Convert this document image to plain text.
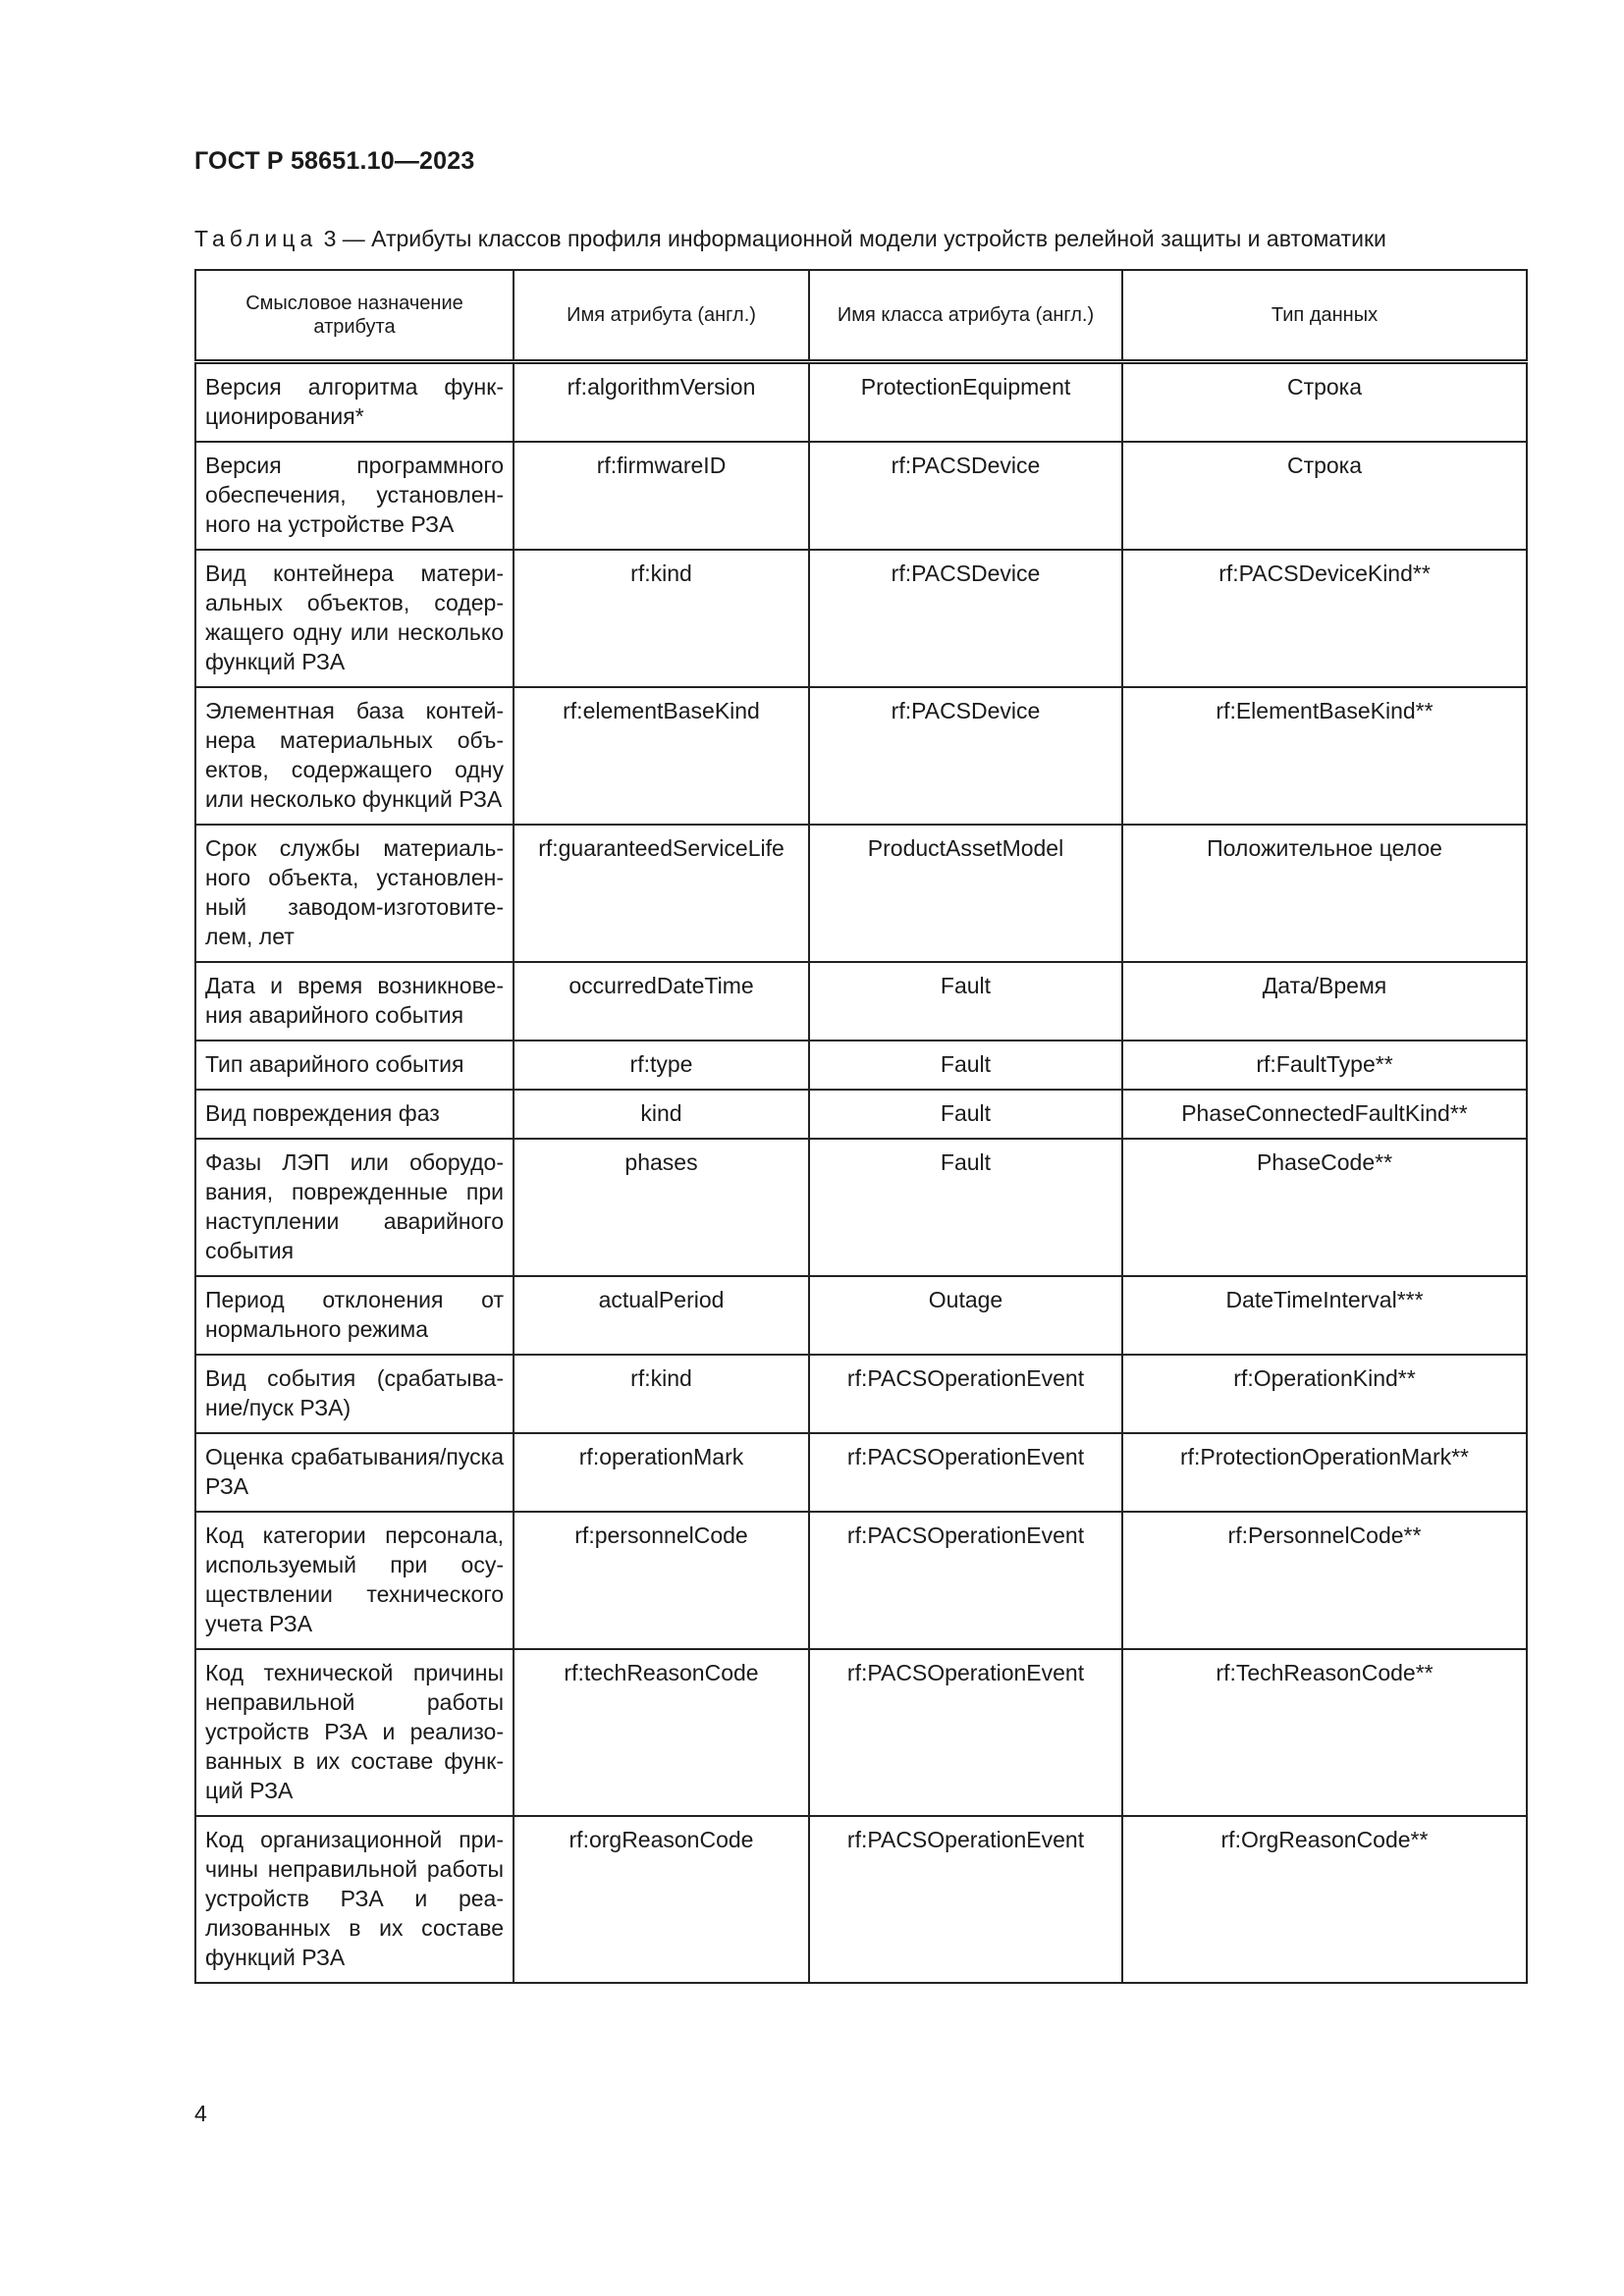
ГОСТ Р 58651.10—2023
Таблица 3 — Атрибуты классов профиля информационной модели устройств релейной защиты и автоматики
Смысловое назначение атрибута	Имя атрибута (англ.)	Имя класса атрибута (англ.)	Тип данных
Версия алгоритма функционирования*	rf:algorithmVersion	ProtectionEquipment	Строка
Версия программного обеспечения, установленного на устройстве РЗА	rf:firmwareID	rf:PACSDevice	Строка
Вид контейнера материальных объектов, содержащего одну или несколько функций РЗА	rf:kind	rf:PACSDevice	rf:PACSDeviceKind**
Элементная база контейнера материальных объектов, содержащего одну или несколько функций РЗА	rf:elementBaseKind	rf:PACSDevice	rf:ElementBaseKind**
Срок службы материального объекта, установленный заводом-изготовителем, лет	rf:guaranteedServiceLife	ProductAssetModel	Положительное целое
Дата и время возникновения аварийного события	occurredDateTime	Fault	Дата/Время
Тип аварийного события	rf:type	Fault	rf:FaultType**
Вид повреждения фаз	kind	Fault	PhaseConnectedFaultKind**
Фазы ЛЭП или оборудования, поврежденные при наступлении аварийного события	phases	Fault	PhaseCode**
Период отклонения от нормального режима	actualPeriod	Outage	DateTimeInterval***
Вид события (срабатывание/пуск РЗА)	rf:kind	rf:PACSOperationEvent	rf:OperationKind**
Оценка срабатывания/пуска РЗА	rf:operationMark	rf:PACSOperationEvent	rf:ProtectionOperationMark**
Код категории персонала, используемый при осуществлении технического учета РЗА	rf:personnelCode	rf:PACSOperationEvent	rf:PersonnelCode**
Код технической причины неправильной работы устройств РЗА и реализованных в их составе функций РЗА	rf:techReasonCode	rf:PACSOperationEvent	rf:TechReasonCode**
Код организационной причины неправильной работы устройств РЗА и реализованных в их составе функций РЗА	rf:orgReasonCode	rf:PACSOperationEvent	rf:OrgReasonCode**
4
